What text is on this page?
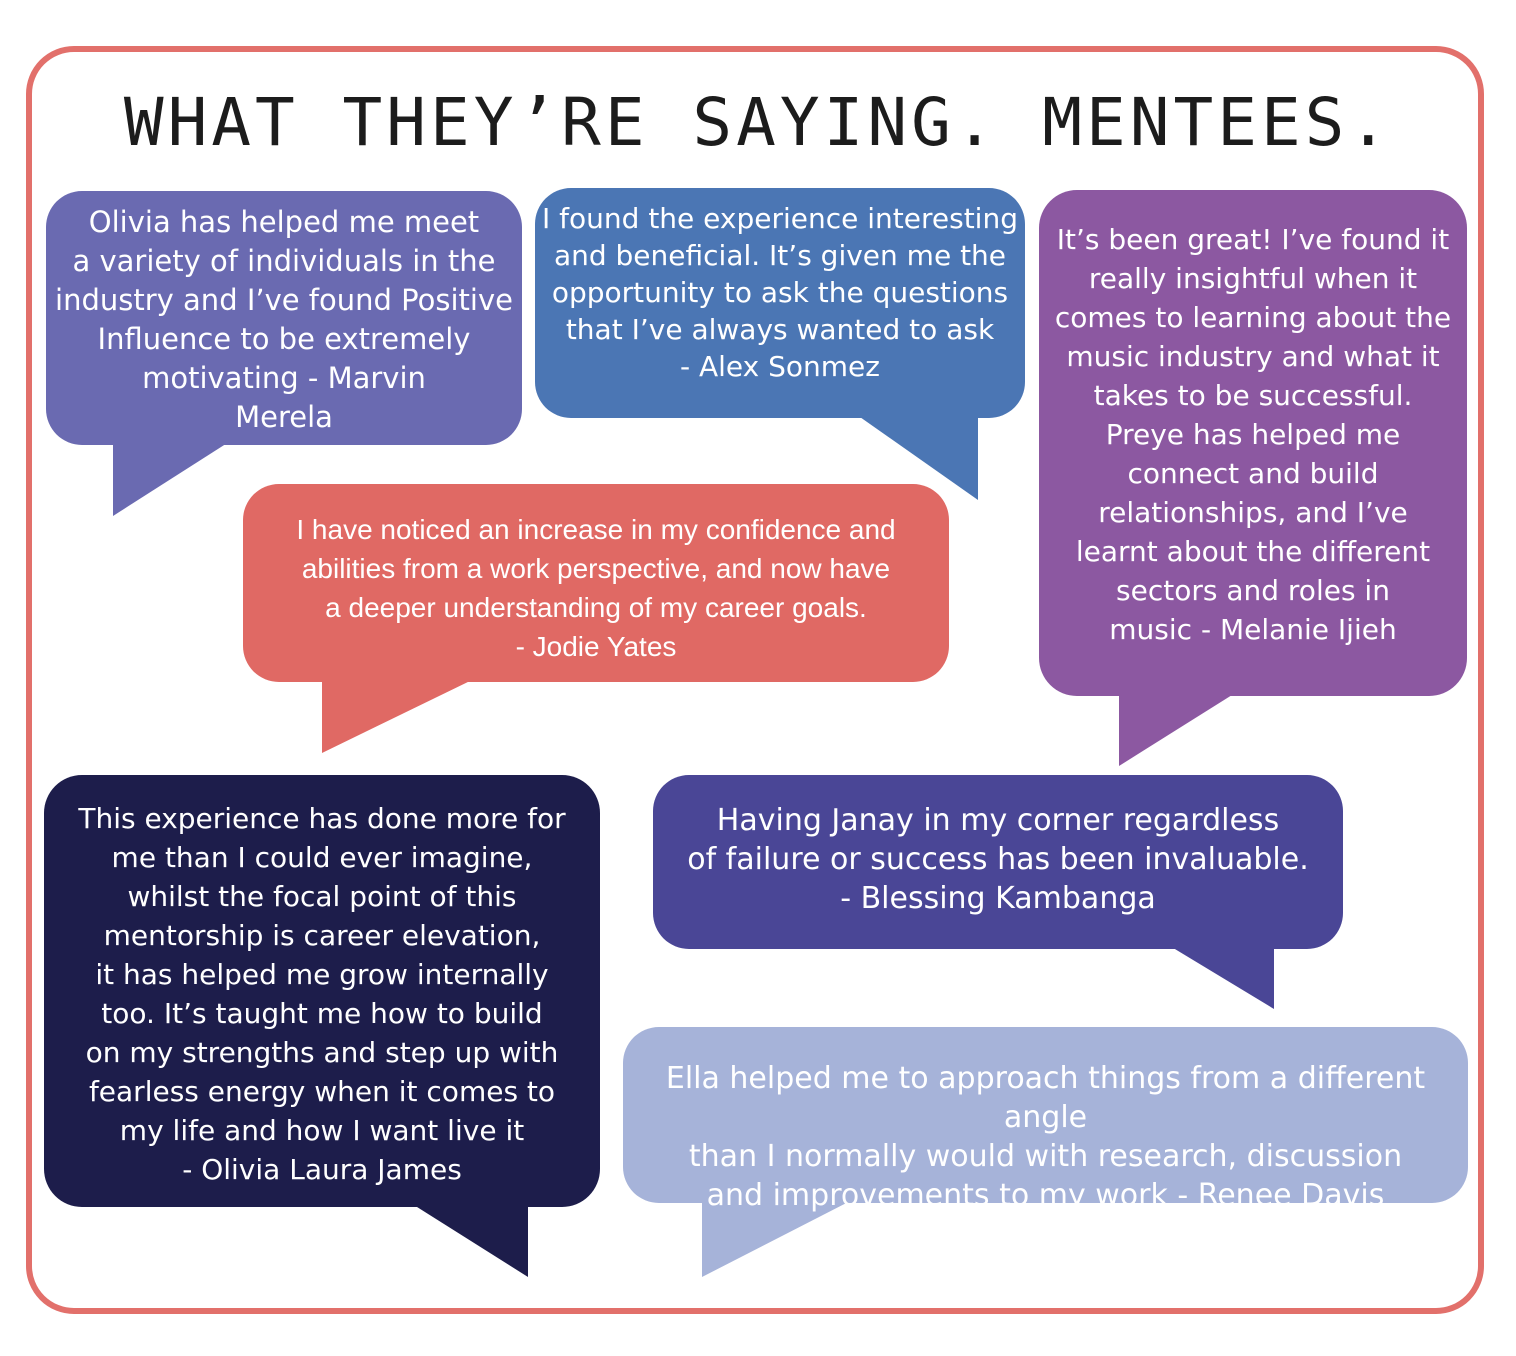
WHAT THEY’RE SAYING. MENTEES.
Olivia has helped me meet
a variety of individuals in the
industry and I’ve found Positive
Influence to be extremely
motivating - Marvin
Merela
I found the experience interesting
and beneficial. It’s given me the
opportunity to ask the questions
that I’ve always wanted to ask
- Alex Sonmez
It’s been great! I’ve found it
really insightful when it
comes to learning about the
music industry and what it
takes to be successful.
Preye has helped me
connect and build
relationships, and I’ve
learnt about the different
sectors and roles in
music - Melanie Ijieh
I have noticed an increase in my confidence and
abilities from a work perspective, and now have
a deeper understanding of my career goals.
- Jodie Yates
This experience has done more for
me than I could ever imagine,
whilst the focal point of this
mentorship is career elevation,
it has helped me grow internally
too. It’s taught me how to build
on my strengths and step up with
fearless energy when it comes to
my life and how I want live it
- Olivia Laura James
Having Janay in my corner regardless
of failure or success has been invaluable.
- Blessing Kambanga
Ella helped me to approach things from a different angle
than I normally would with research, discussion
and improvements to my work - Renee Davis
